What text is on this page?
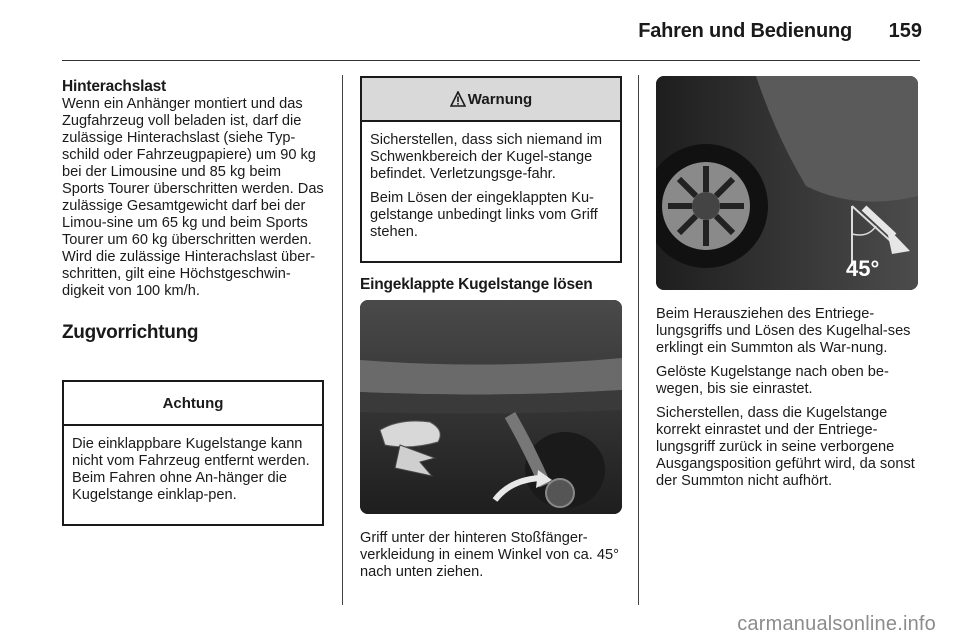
Fahren und Bedienung 159
Hinterachslast
Wenn ein Anhänger montiert und das Zugfahrzeug voll beladen ist, darf die zulässige Hinterachslast (siehe Typ-schild oder Fahrzeugpapiere) um 90 kg bei der Limousine und 85 kg beim Sports Tourer überschritten werden. Das zulässige Gesamtgewicht darf bei der Limou-sine um 65 kg und beim Sports Tourer um 60 kg überschritten werden. Wird die zulässige Hinterachslast über-schritten, gilt eine Höchstgeschwin-digkeit von 100 km/h.
Zugvorrichtung
Achtung
Die einklappbare Kugelstange kann nicht vom Fahrzeug entfernt werden. Beim Fahren ohne An-hänger die Kugelstange einklap-pen.
Warnung

Sicherstellen, dass sich niemand im Schwenkbereich der Kugel-stange befindet. Verletzungsge-fahr.

Beim Lösen der eingeklappten Ku-gelstange unbedingt links vom Griff stehen.

Eingeklappte Kugelstange lösen
Griff unter der hinteren Stoßfänger-verkleidung in einem Winkel von ca. 45° nach unten ziehen.
45°

Beim Herausziehen des Entriege-lungsgriffs und Lösen des Kugelhal-ses erklingt ein Summton als War-nung.

Gelöste Kugelstange nach oben be-wegen, bis sie einrastet.

Sicherstellen, dass die Kugelstange korrekt einrastet und der Entriege-lungsgriff zurück in seine verborgene Ausgangsposition geführt wird, da sonst der Summton nicht aufhört.

carmanualsonline.info
